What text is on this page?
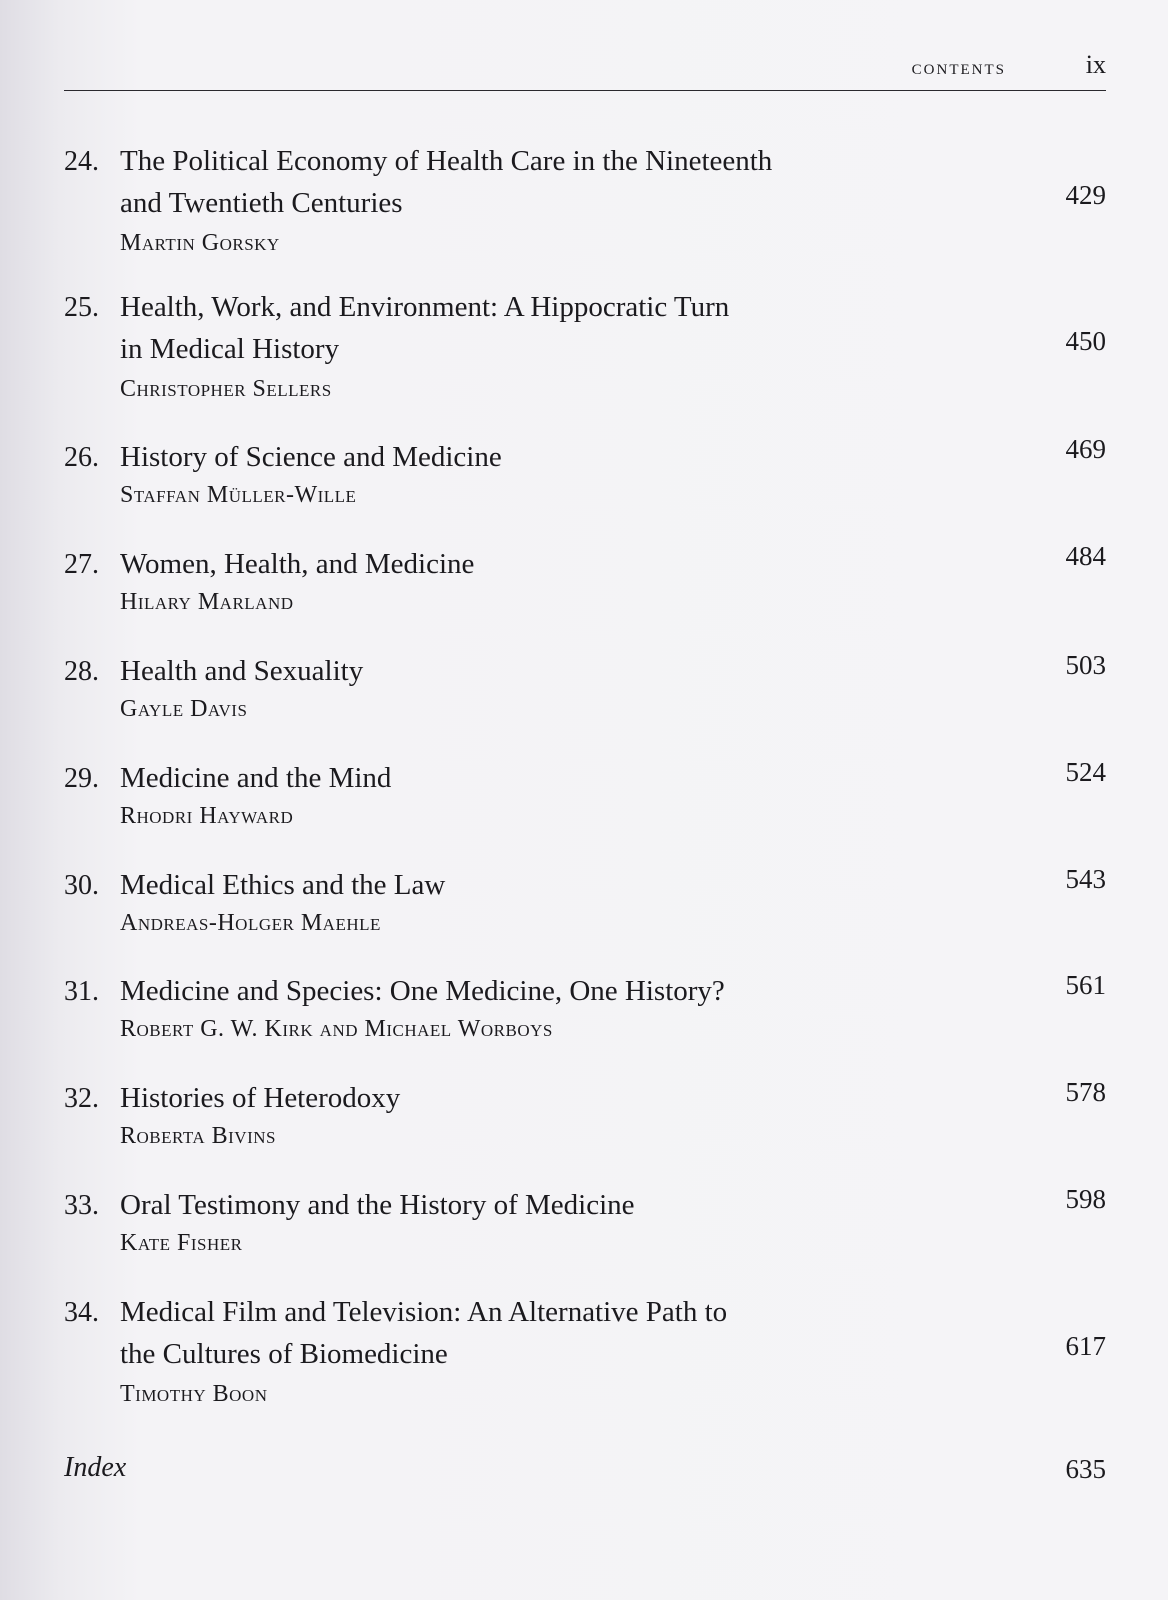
contents	ix
24. The Political Economy of Health Care in the Nineteenth
and Twentieth Centuries	429
Martin Gorsky
25. Health, Work, and Environment: A Hippocratic Turn
in Medical History	450
Christopher Sellers
26. History of Science and Medicine	469
Staffan Müller-Wille
27. Women, Health, and Medicine	484
Hilary Marland
28. Health and Sexuality	503
Gayle Davis
29. Medicine and the Mind	524
Rhodri Hayward
30. Medical Ethics and the Law	543
Andreas-Holger Maehle
31. Medicine and Species: One Medicine, One History?	561
Robert G. W. Kirk and Michael Worboys
32. Histories of Heterodoxy	578
Roberta Bivins
33. Oral Testimony and the History of Medicine	598
Kate Fisher
34. Medical Film and Television: An Alternative Path to
the Cultures of Biomedicine	617
Timothy Boon
Index	635
